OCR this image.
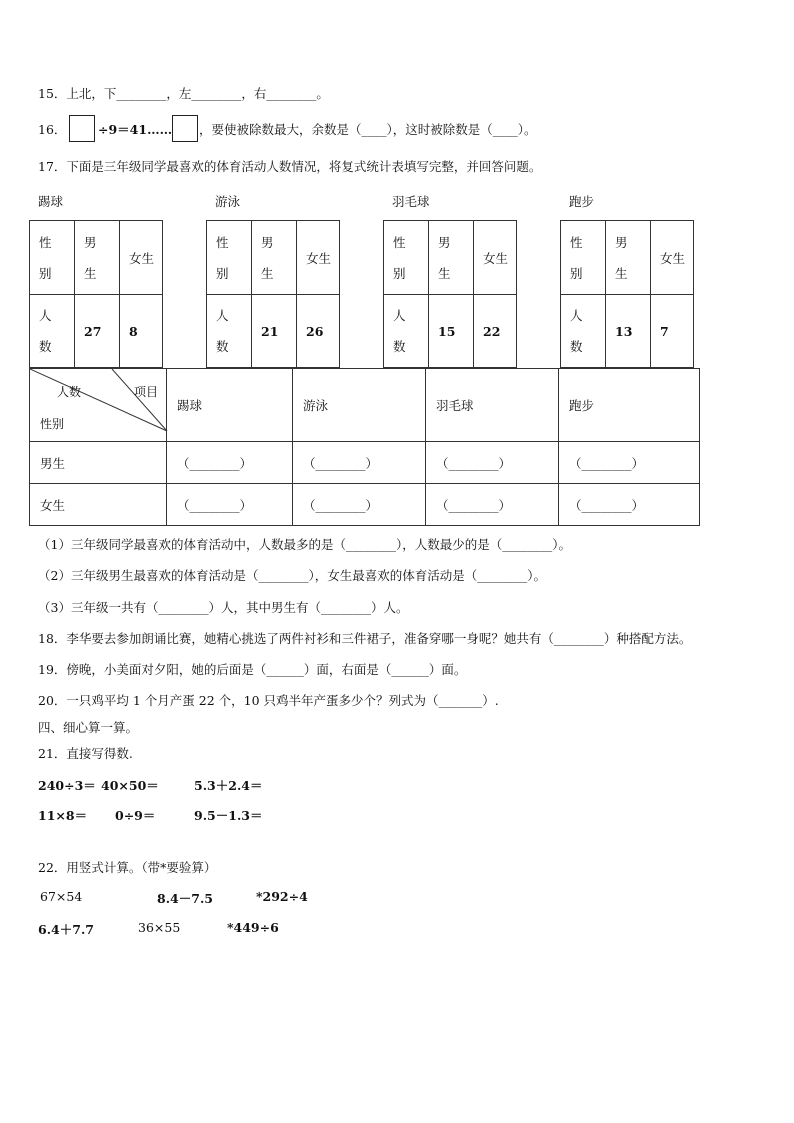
15．上北，下________，左________，右________。
16．	÷9＝41…… ，要使被除数最大，余数是（____），这时被除数是（____）。
17．下面是三年级同学最喜欢的体育活动人数情况，将复式统计表填写完整，并回答问题。
踢球	游泳	羽毛球	跑步
性
别	男生	女生
人
数	27	8
性
别	男生	女生
人
数	21	26
性
别	男生	女生
人
数	15	22
性
别	男生	女生
人
数	13	7
人数 项目
性别	踢球	游泳	羽毛球	跑步
男生	（________）	（________）	（________）	（________）
女生	（________）	（________）	（________）	（________）
（1）三年级同学最喜欢的体育活动中，人数最多的是（________），人数最少的是（________）。
（2）三年级男生最喜欢的体育活动是（________），女生最喜欢的体育活动是（________）。
（3）三年级一共有（________）人，其中男生有（________）人。
18．李华要去参加朗诵比赛，她精心挑选了两件衬衫和三件裙子，准备穿哪一身呢？她共有（________）种搭配方法。
19．傍晚，小美面对夕阳，她的后面是（______）面，右面是（______）面。
20．一只鸡平均 1 个月产蛋 22 个，10 只鸡半年产蛋多少个？列式为（_______）.
四、细心算一算。
21．直接写得数.
240÷3＝ 40×50＝	5.3＋2.4＝
11×8＝ 0÷9＝	9.5－1.3＝
22．用竖式计算。（带*要验算）
67×54	8.4－7.5	*292÷4
6.4＋7.7	36×55	*449÷6
